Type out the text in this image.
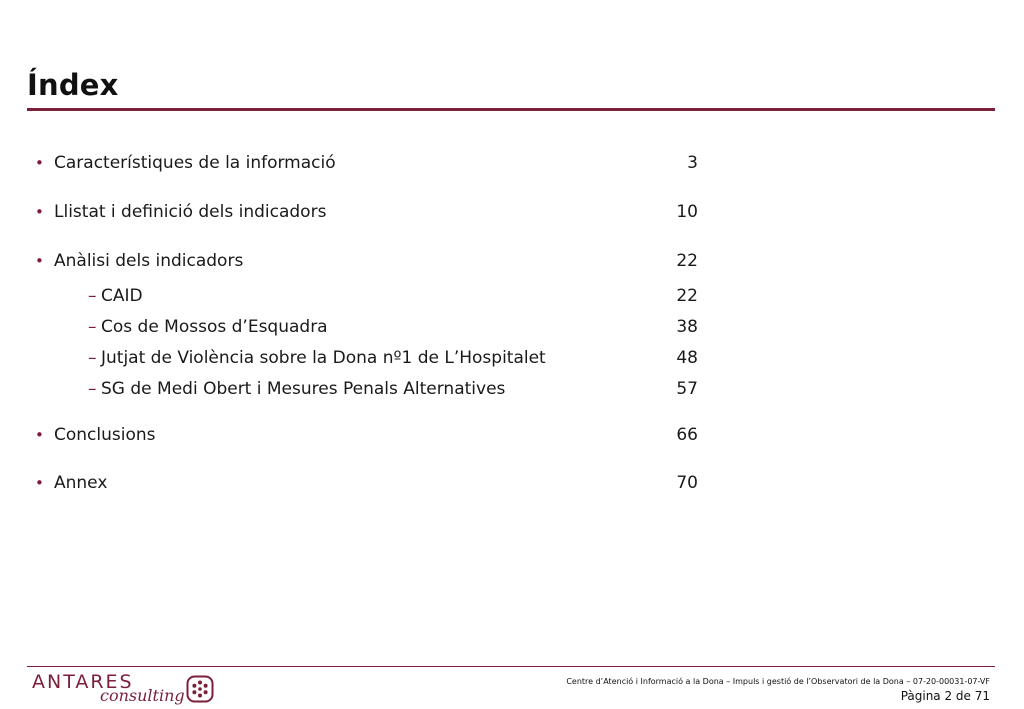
Índex
• Característiques de la informació	3
• Llistat i definició dels indicadors	10
• Anàlisi dels indicadors	22
– CAID	22
– Cos de Mossos d’Esquadra	38
– Jutjat de Violència sobre la Dona nº1 de L’Hospitalet	48
– SG de Medi Obert i Mesures Penals Alternatives	57
• Conclusions	66
• Annex	70
ANTARES
consulting
Centre d’Atenció i Informació a la Dona – Impuls i gestió de l’Observatori de la Dona – 07-20-00031-07-VF
Pàgina 2 de 71
